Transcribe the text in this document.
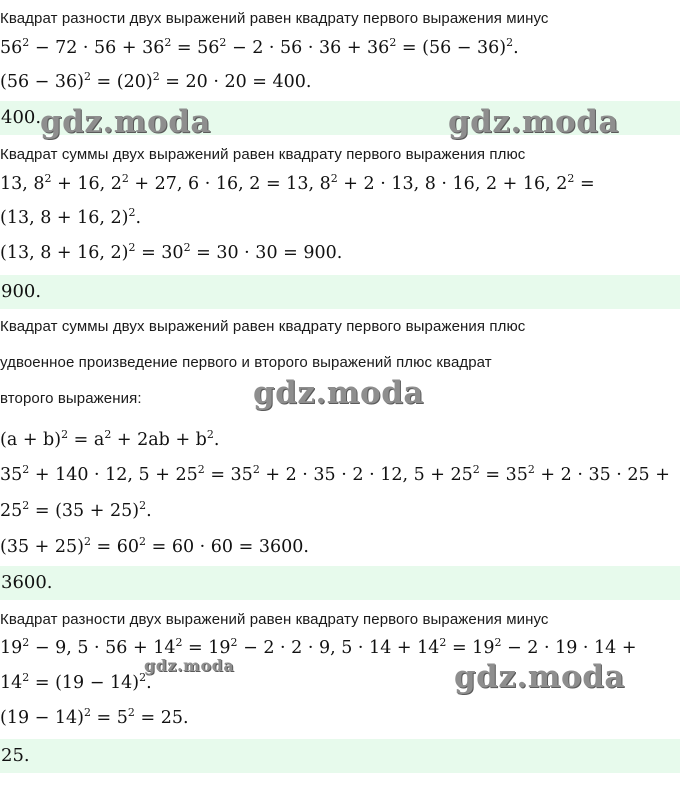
Квадрат разности двух выражений равен квадрату первого выражения минус
$56^2 - 72 \cdot 56 + 36^2 = 56^2 - 2 \cdot 56 \cdot 36 + 36^2 = (56 - 36)^2$.
$(56 - 36)^2 = (20)^2 = 20 \cdot 20 = 400$.
400.
Квадрат суммы двух выражений равен квадрату первого выражения плюс
13, $8^2 + 16$, $2^2 + 27$, 6 · 16, 2 = 13, $8^2 + 2 \cdot 13$, 8 · 16, 2 + 16, $2^2$ =
(13, 8 + 16, 2)$^2$.
(13, 8 + 16, $2)^2 = 30^2 = 30 \cdot 30 = 900$.
900.
Квадрат суммы двух выражений равен квадрату первого выражения плюс
удвоенное произведение первого и второго выражений плюс квадрат
второго выражения:
$(a + b)^2 = a^2 + 2ab + b^2$.
$35^2 + 140 \cdot 12$, $5 + 25^2 = 35^2 + 2 \cdot 35 \cdot 2 \cdot 12$, $5 + 25^2 = 35^2 + 2 \cdot 35 \cdot 25$ +
$25^2 = (35 + 25)^2$.
$(35 + 25)^2 = 60^2 = 60 \cdot 60 = 3600$.
3600.
Квадрат разности двух выражений равен квадрату первого выражения минус
$19^2 - 9$, $5 \cdot 56 + 14^2 = 19^2 - 2 \cdot 2 \cdot 9$, $5 \cdot 14 + 14^2 = 19^2 - 2 \cdot 19 \cdot 14$ +
$14^2 = (19 - 14)^2$.
$(19 - 14)^2 = 5^2 = 25$.
25.
gdz.moda	gdz.moda
gdz.moda
gdz.moda	gdz.moda
